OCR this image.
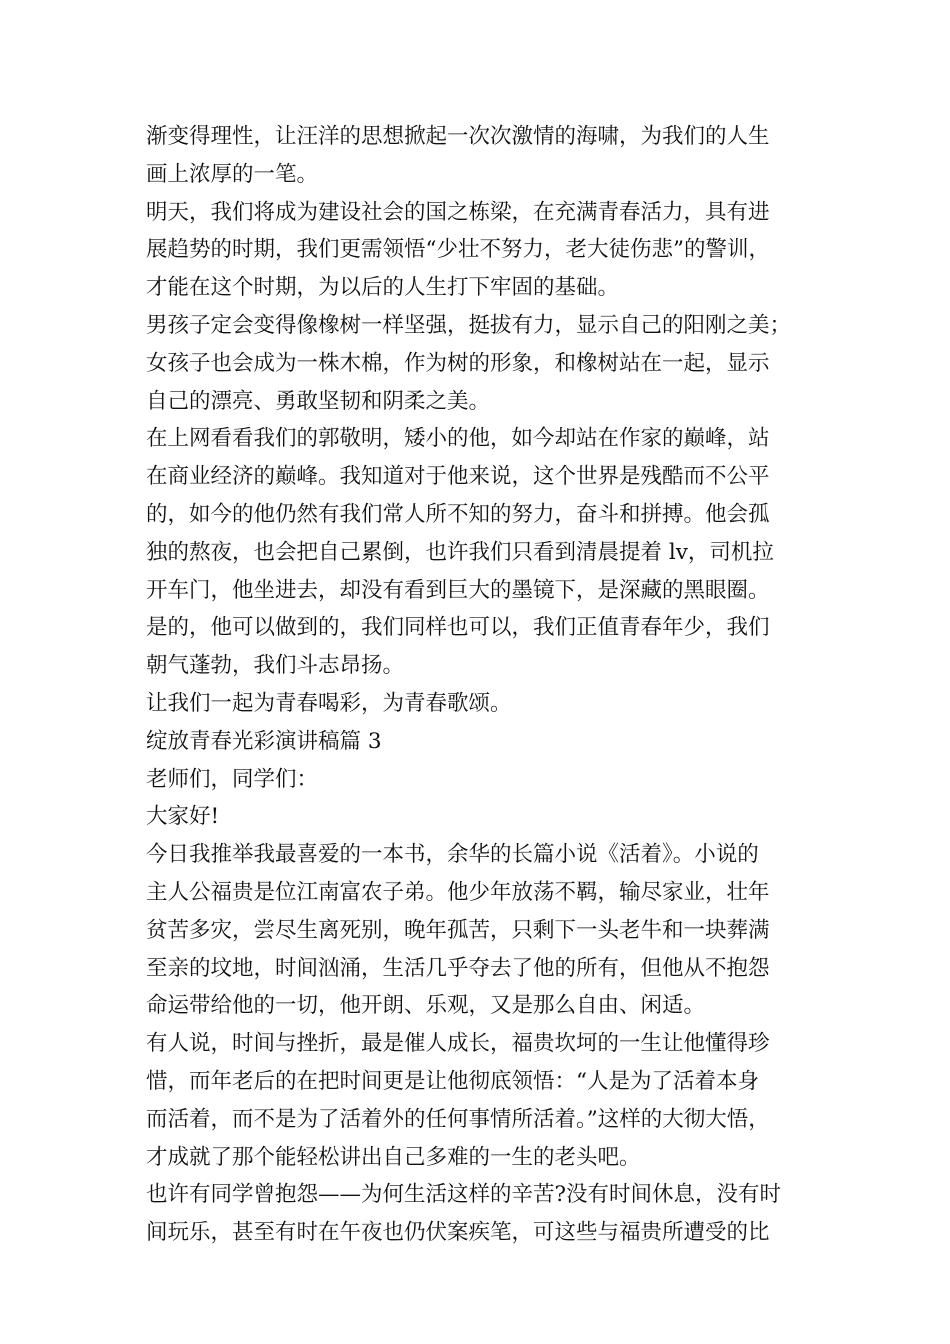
渐变得理性，让汪洋的思想掀起一次次激情的海啸，为我们的人生
画上浓厚的一笔。
明天，我们将成为建设社会的国之栋梁，在充满青春活力，具有进
展趋势的时期，我们更需领悟“少壮不努力，老大徒伤悲”的警训，
才能在这个时期，为以后的人生打下牢固的基础。
男孩子定会变得像橡树一样坚强，挺拔有力，显示自己的阳刚之美；
女孩子也会成为一株木棉，作为树的形象，和橡树站在一起，显示
自己的漂亮、勇敢坚韧和阴柔之美。
在上网看看我们的郭敬明，矮小的他，如今却站在作家的巅峰，站
在商业经济的巅峰。我知道对于他来说，这个世界是残酷而不公平
的，如今的他仍然有我们常人所不知的努力，奋斗和拼搏。他会孤
独的熬夜，也会把自己累倒，也许我们只看到清晨提着 lv，司机拉
开车门，他坐进去，却没有看到巨大的墨镜下，是深藏的黑眼圈。
是的，他可以做到的，我们同样也可以，我们正值青春年少，我们
朝气蓬勃，我们斗志昂扬。
让我们一起为青春喝彩，为青春歌颂。
绽放青春光彩演讲稿篇 3
老师们，同学们：
大家好!
今日我推举我最喜爱的一本书，余华的长篇小说《活着》。小说的
主人公福贵是位江南富农子弟。他少年放荡不羁，输尽家业，壮年
贫苦多灾，尝尽生离死别，晚年孤苦，只剩下一头老牛和一块葬满
至亲的坟地，时间汹涌，生活几乎夺去了他的所有，但他从不抱怨
命运带给他的一切，他开朗、乐观，又是那么自由、闲适。
有人说，时间与挫折，最是催人成长，福贵坎坷的一生让他懂得珍
惜，而年老后的在把时间更是让他彻底领悟：“人是为了活着本身
而活着，而不是为了活着外的任何事情所活着。”这样的大彻大悟，
才成就了那个能轻松讲出自己多难的一生的老头吧。
也许有同学曾抱怨——为何生活这样的辛苦?没有时间休息，没有时
间玩乐，甚至有时在午夜也仍伏案疾笔，可这些与福贵所遭受的比
